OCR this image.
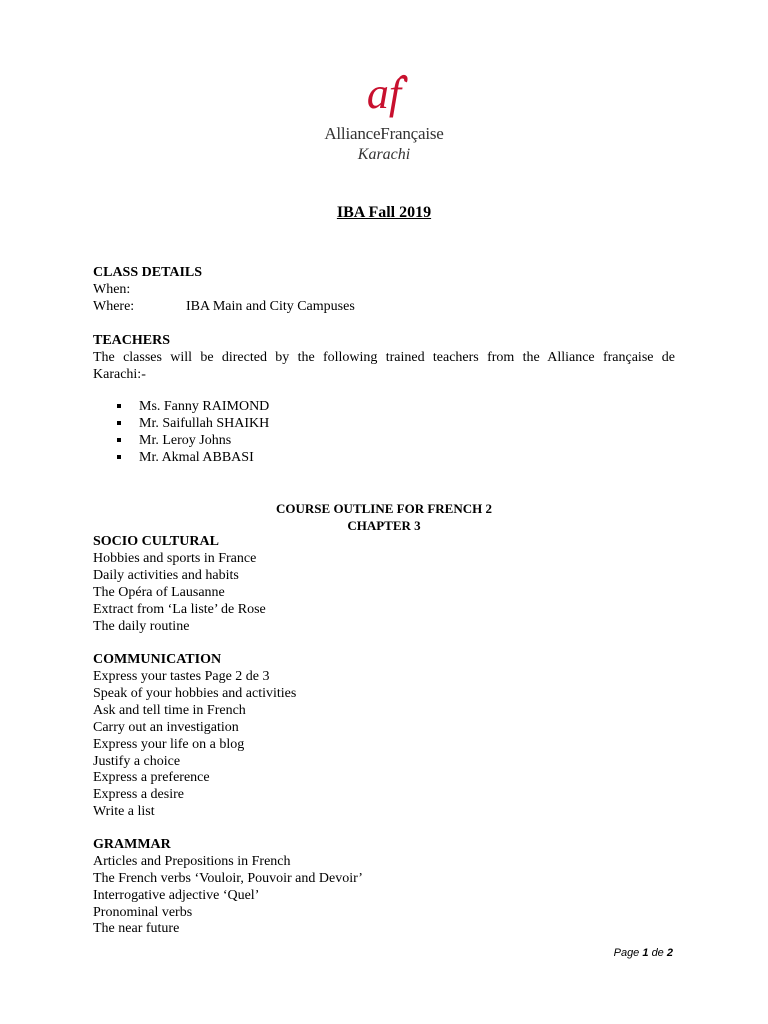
af
AllianceFrançaise
Karachi
IBA Fall 2019
CLASS DETAILS
When:
Where:	IBA Main and City Campuses
TEACHERS
The classes will be directed by the following trained teachers from the Alliance française de
Karachi:-
Ms. Fanny RAIMOND
Mr. Saifullah SHAIKH
Mr. Leroy Johns
Mr. Akmal ABBASI
COURSE OUTLINE FOR FRENCH 2
CHAPTER 3
SOCIO CULTURAL
Hobbies and sports in France
Daily activities and habits
The Opéra of Lausanne
Extract from ‘La liste’ de Rose
The daily routine
COMMUNICATION
Express your tastes Page 2 de 3
Speak of your hobbies and activities
Ask and tell time in French
Carry out an investigation
Express your life on a blog
Justify a choice
Express a preference
Express a desire
Write a list
GRAMMAR
Articles and Prepositions in French
The French verbs ‘Vouloir, Pouvoir and Devoir’
Interrogative adjective ‘Quel’
Pronominal verbs
The near future
Page 1 de 2
